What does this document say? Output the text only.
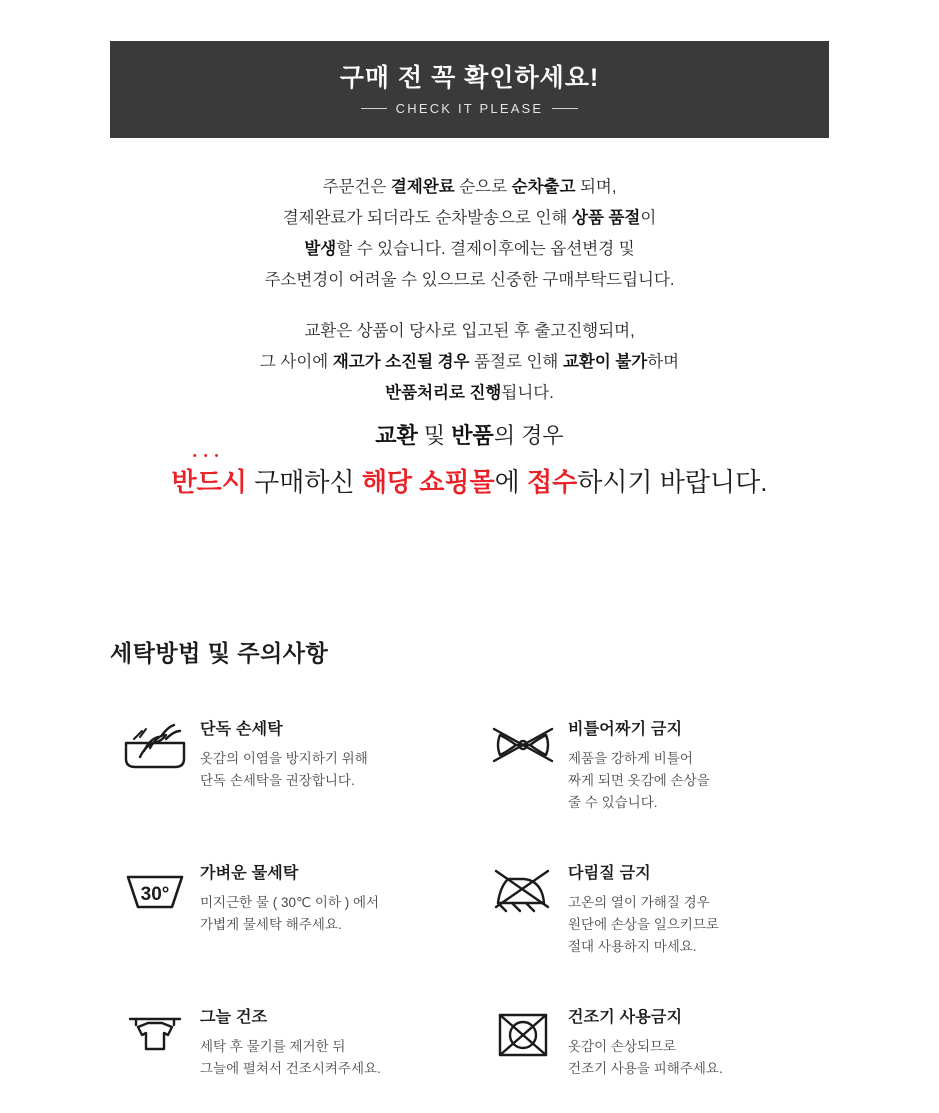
구매 전 꼭 확인하세요!
CHECK IT PLEASE

주문건은 결제완료 순으로 순차출고 되며,
결제완료가 되더라도 순차발송으로 인해 상품 품절이
발생할 수 있습니다. 결제이후에는 옵션변경 및
주소변경이 어려울 수 있으므로 신중한 구매부탁드립니다.

교환은 상품이 당사로 입고된 후 출고진행되며,
그 사이에 재고가 소진될 경우 품절로 인해 교환이 불가하며
반품처리로 진행됩니다.

교환 및 반품의 경우
•••
반드시 구매하신 해당 쇼핑몰에 접수하시기 바랍니다.
세탁방법 및 주의사항
단독 손세탁
옷감의 이염을 방지하기 위해
단독 손세탁을 권장합니다.
비틀어짜기 금지
제품을 강하게 비틀어
짜게 되면 옷감에 손상을
줄 수 있습니다.
30°
가벼운 물세탁
미지근한 물 ( 30℃ 이하 ) 에서
가볍게 물세탁 해주세요.
다림질 금지
고온의 열이 가해질 경우
원단에 손상을 일으키므로
절대 사용하지 마세요.
그늘 건조
세탁 후 물기를 제거한 뒤
그늘에 펼쳐서 건조시켜주세요.
건조기 사용금지
옷감이 손상되므로
건조기 사용을 피해주세요.
